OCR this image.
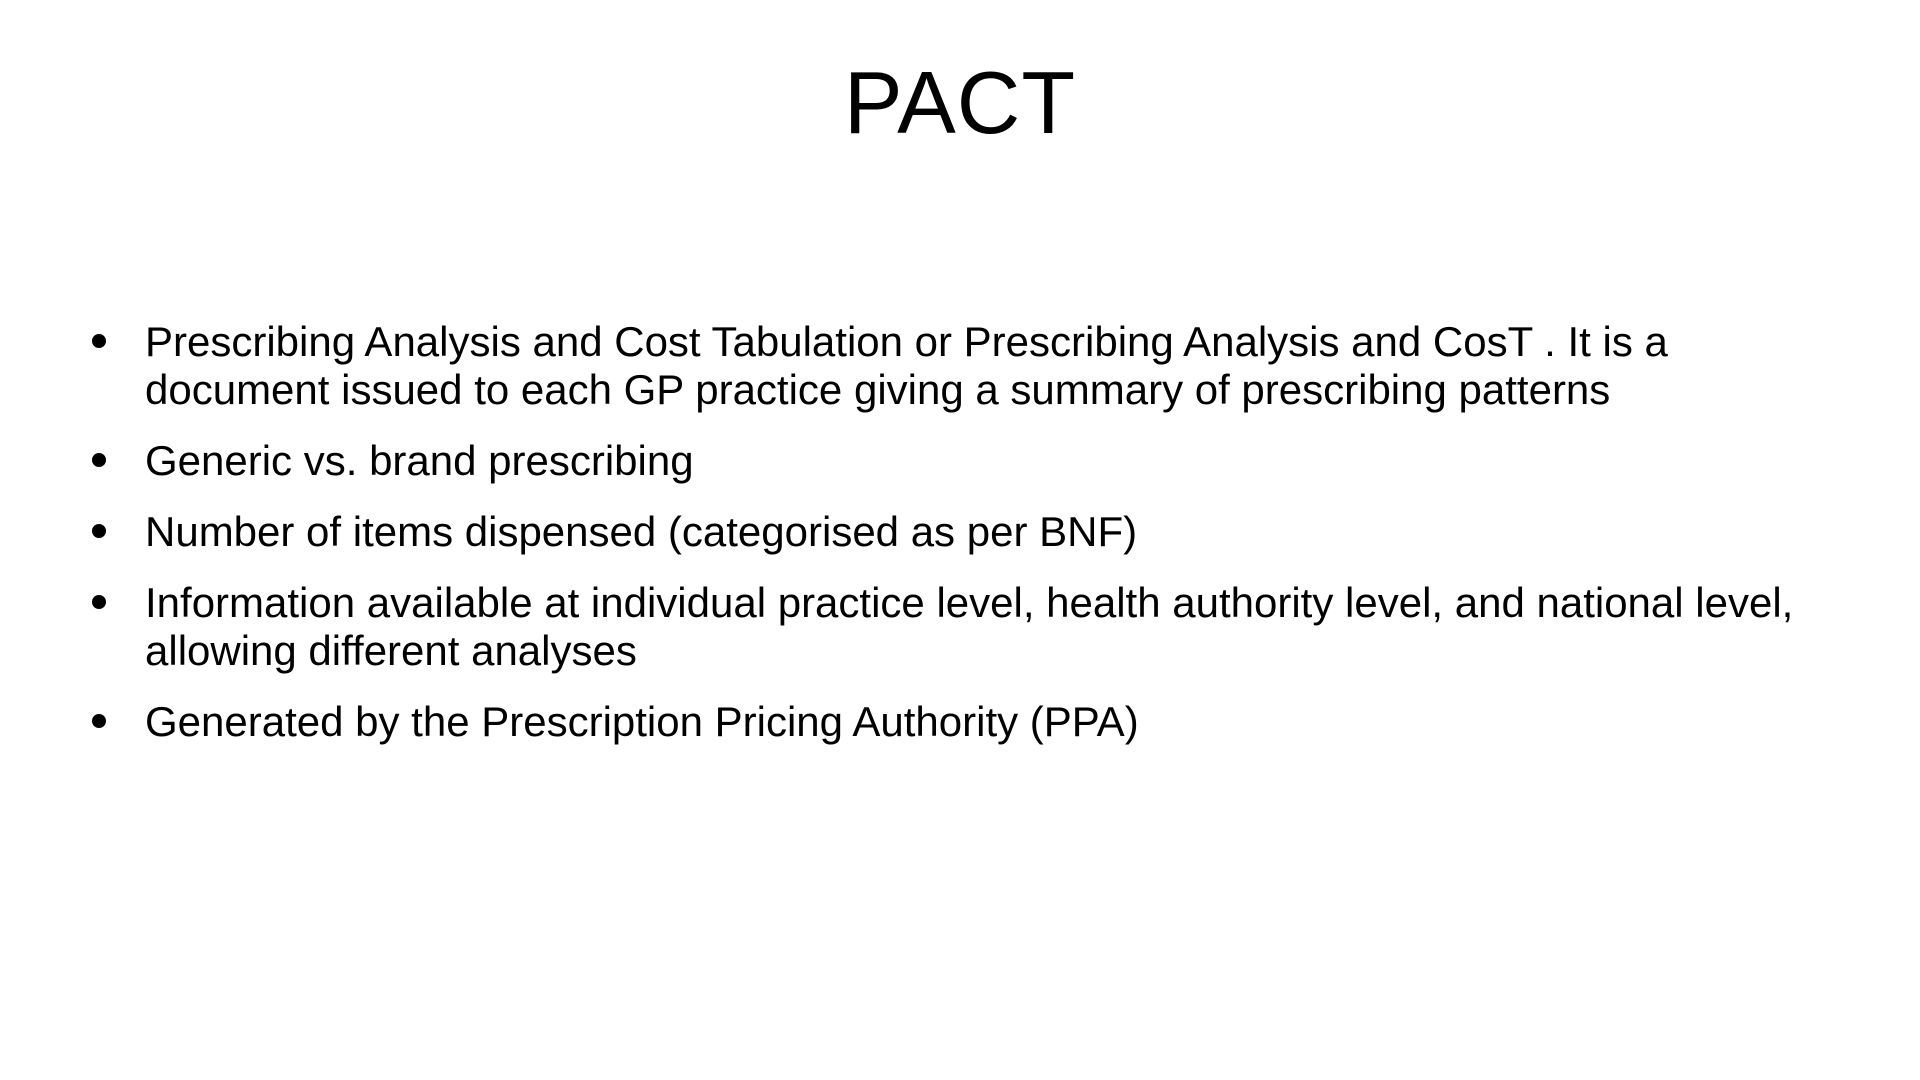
PACT
Prescribing Analysis and Cost Tabulation or Prescribing Analysis and CosT . It is a document issued to each GP practice giving a summary of prescribing patterns
Generic vs. brand prescribing
Number of items dispensed (categorised as per BNF)
Information available at individual practice level, health authority level, and national level, allowing different analyses
Generated by the Prescription Pricing Authority (PPA)
